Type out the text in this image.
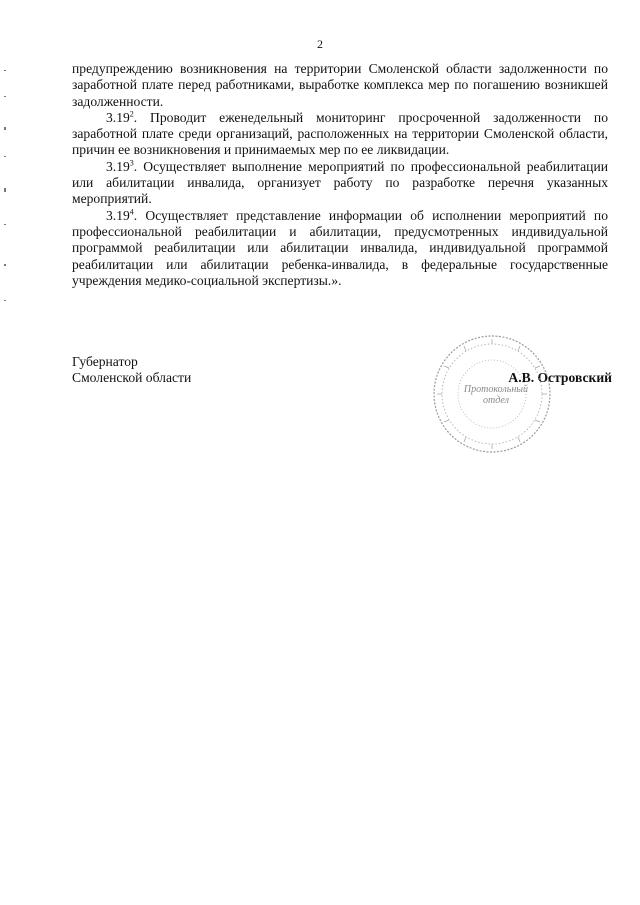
2

предупреждению возникновения на территории Смоленской области задолженности по заработной плате перед работниками, выработке комплекса мер по погашению возникшей задолженности.

3.19$^2$. Проводит еженедельный мониторинг просроченной задолженности по заработной плате среди организаций, расположенных на территории Смоленской области, причин ее возникновения и принимаемых мер по ее ликвидации.

3.19$^3$. Осуществляет выполнение мероприятий по профессиональной реабилитации или абилитации инвалида, организует работу по разработке перечня указанных мероприятий.

3.19$^4$. Осуществляет представление информации об исполнении мероприятий по профессиональной реабилитации и абилитации, предусмотренных индивидуальной программой реабилитации или абилитации инвалида, индивидуальной программой реабилитации или абилитации ребенка-инвалида, в федеральные государственные учреждения медико-социальной экспертизы.».

Губернатор
Смоленской области	А.В. Островский
Протокольный
отдел
